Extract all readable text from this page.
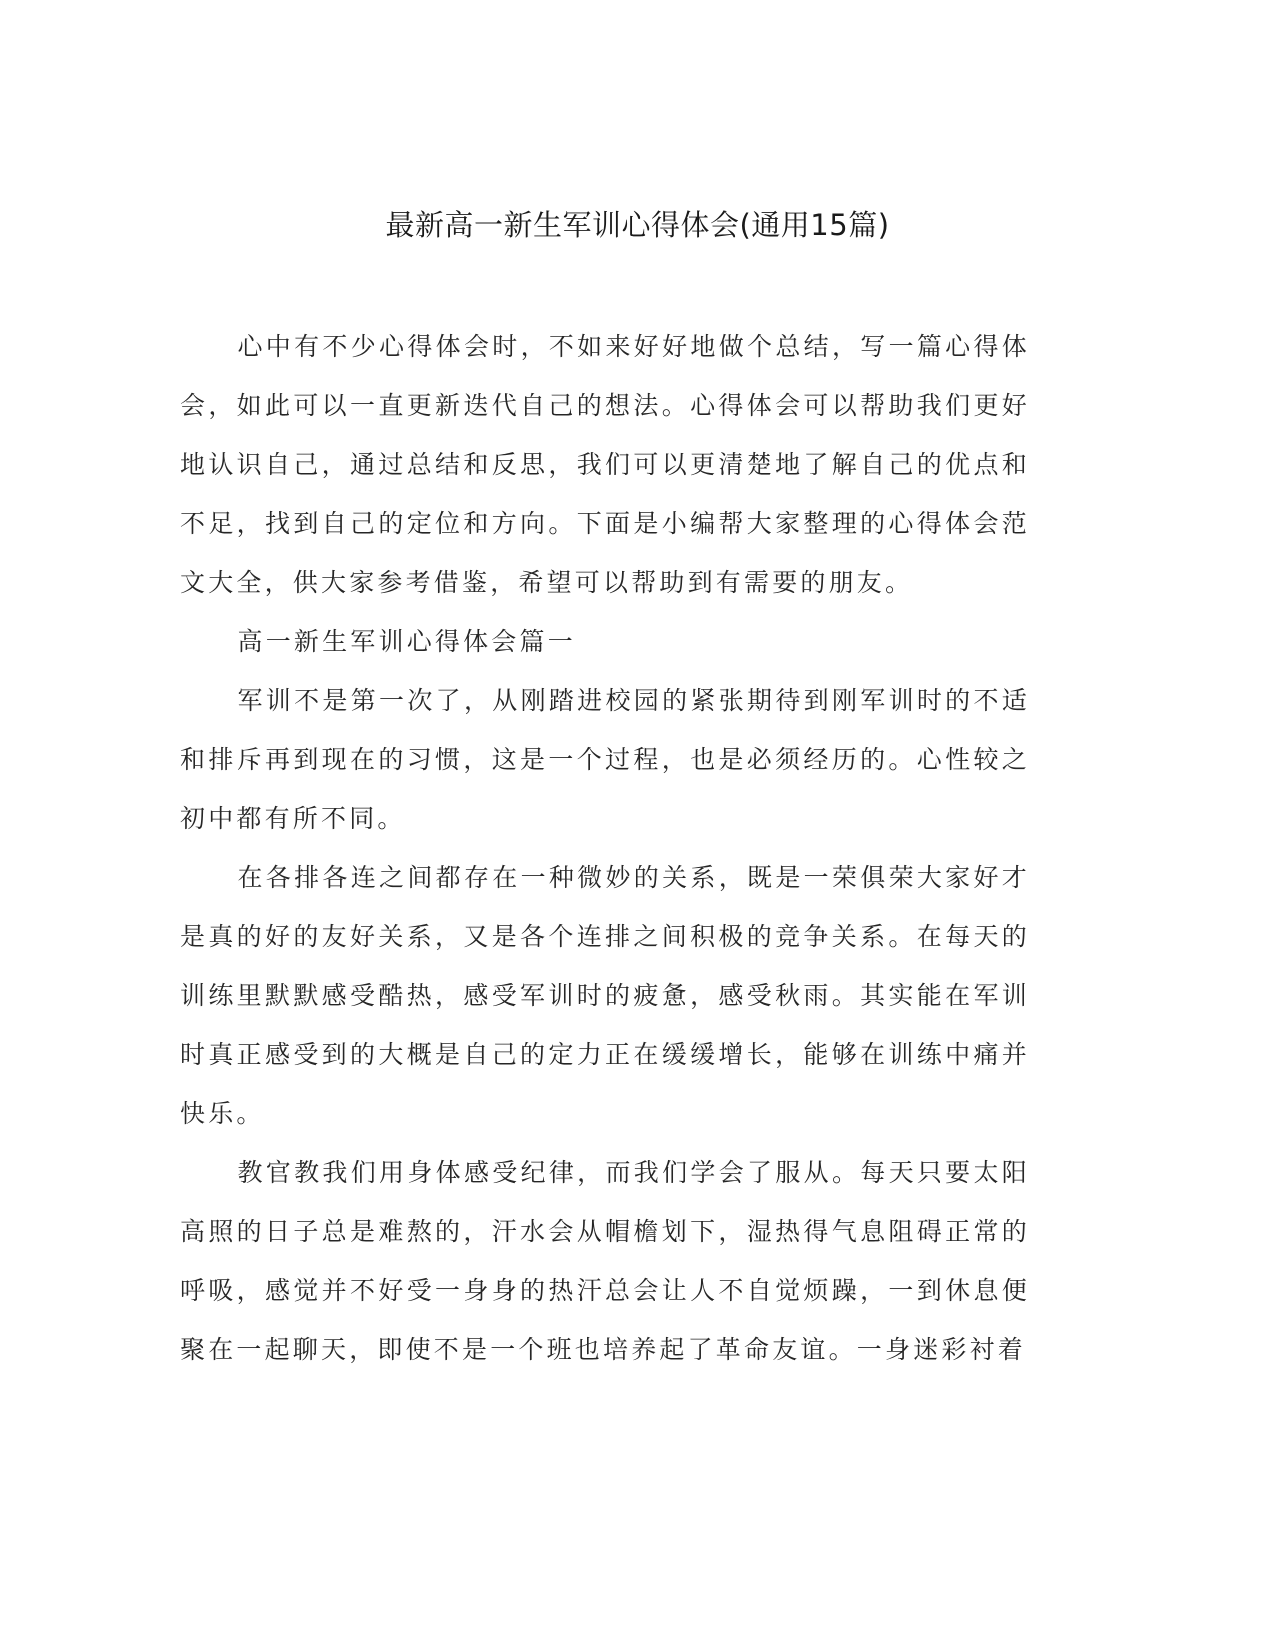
最新高一新生军训心得体会(通用15篇)

心中有不少心得体会时，不如来好好地做个总结，写一篇心得体会，如此可以一直更新迭代自己的想法。心得体会可以帮助我们更好地认识自己，通过总结和反思，我们可以更清楚地了解自己的优点和不足，找到自己的定位和方向。下面是小编帮大家整理的心得体会范文大全，供大家参考借鉴，希望可以帮助到有需要的朋友。

高一新生军训心得体会篇一

军训不是第一次了，从刚踏进校园的紧张期待到刚军训时的不适和排斥再到现在的习惯，这是一个过程，也是必须经历的。心性较之初中都有所不同。

在各排各连之间都存在一种微妙的关系，既是一荣俱荣大家好才是真的好的友好关系，又是各个连排之间积极的竞争关系。在每天的训练里默默感受酷热，感受军训时的疲惫，感受秋雨。其实能在军训时真正感受到的大概是自己的定力正在缓缓增长，能够在训练中痛并快乐。

教官教我们用身体感受纪律，而我们学会了服从。每天只要太阳高照的日子总是难熬的，汗水会从帽檐划下，湿热得气息阻碍正常的呼吸，感觉并不好受一身身的热汗总会让人不自觉烦躁，一到休息便聚在一起聊天，即使不是一个班也培养起了革命友谊。一身迷彩衬着
